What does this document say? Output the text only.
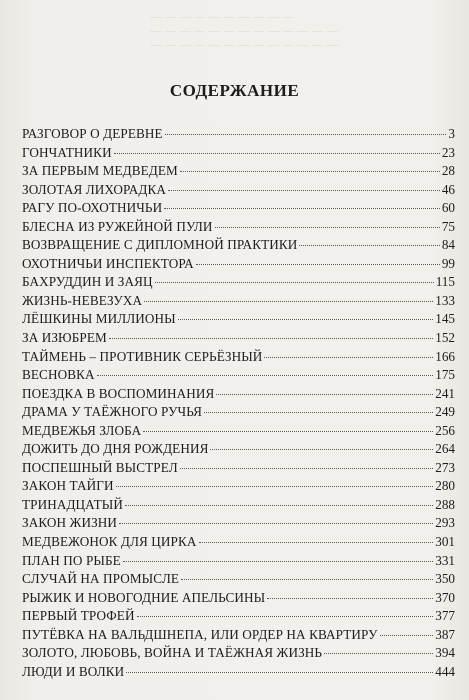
— — — — — — — — — —
— — — — — — — — — — — — —
— — — — — — — — — — — — —
СОДЕРЖАНИЕ
РАЗГОВОР О ДЕРЕВНЕ	3
ГОНЧАТНИКИ	23
ЗА ПЕРВЫМ МЕДВЕДЕМ	28
ЗОЛОТАЯ ЛИХОРАДКА	46
РАГУ ПО-ОХОТНИЧЬИ	60
БЛЕСНА ИЗ РУЖЕЙНОЙ ПУЛИ	75
ВОЗВРАЩЕНИЕ С ДИПЛОМНОЙ ПРАКТИКИ	84
ОХОТНИЧЬИ ИНСПЕКТОРА	99
БАХРУДДИН И ЗАЯЦ	115
ЖИЗНЬ-НЕВЕЗУХА	133
ЛЁШКИНЫ МИЛЛИОНЫ	145
ЗА ИЗЮБРЕМ	152
ТАЙМЕНЬ – ПРОТИВНИК СЕРЬЁЗНЫЙ	166
ВЕСНОВКА	175
ПОЕЗДКА В ВОСПОМИНАНИЯ	241
ДРАМА У ТАЁЖНОГО РУЧЬЯ	249
МЕДВЕЖЬЯ ЗЛОБА	256
ДОЖИТЬ ДО ДНЯ РОЖДЕНИЯ	264
ПОСПЕШНЫЙ ВЫСТРЕЛ	273
ЗАКОН ТАЙГИ	280
ТРИНАДЦАТЫЙ	288
ЗАКОН ЖИЗНИ	293
МЕДВЕЖОНОК ДЛЯ ЦИРКА	301
ПЛАН ПО РЫБЕ	331
СЛУЧАЙ НА ПРОМЫСЛЕ	350
РЫЖИК И НОВОГОДНИЕ АПЕЛЬСИНЫ	370
ПЕРВЫЙ ТРОФЕЙ	377
ПУТЁВКА НА ВАЛЬДШНЕПА, ИЛИ ОРДЕР НА КВАРТИРУ	387
ЗОЛОТО, ЛЮБОВЬ, ВОЙНА И ТАЁЖНАЯ ЖИЗНЬ	394
ЛЮДИ И ВОЛКИ	444
